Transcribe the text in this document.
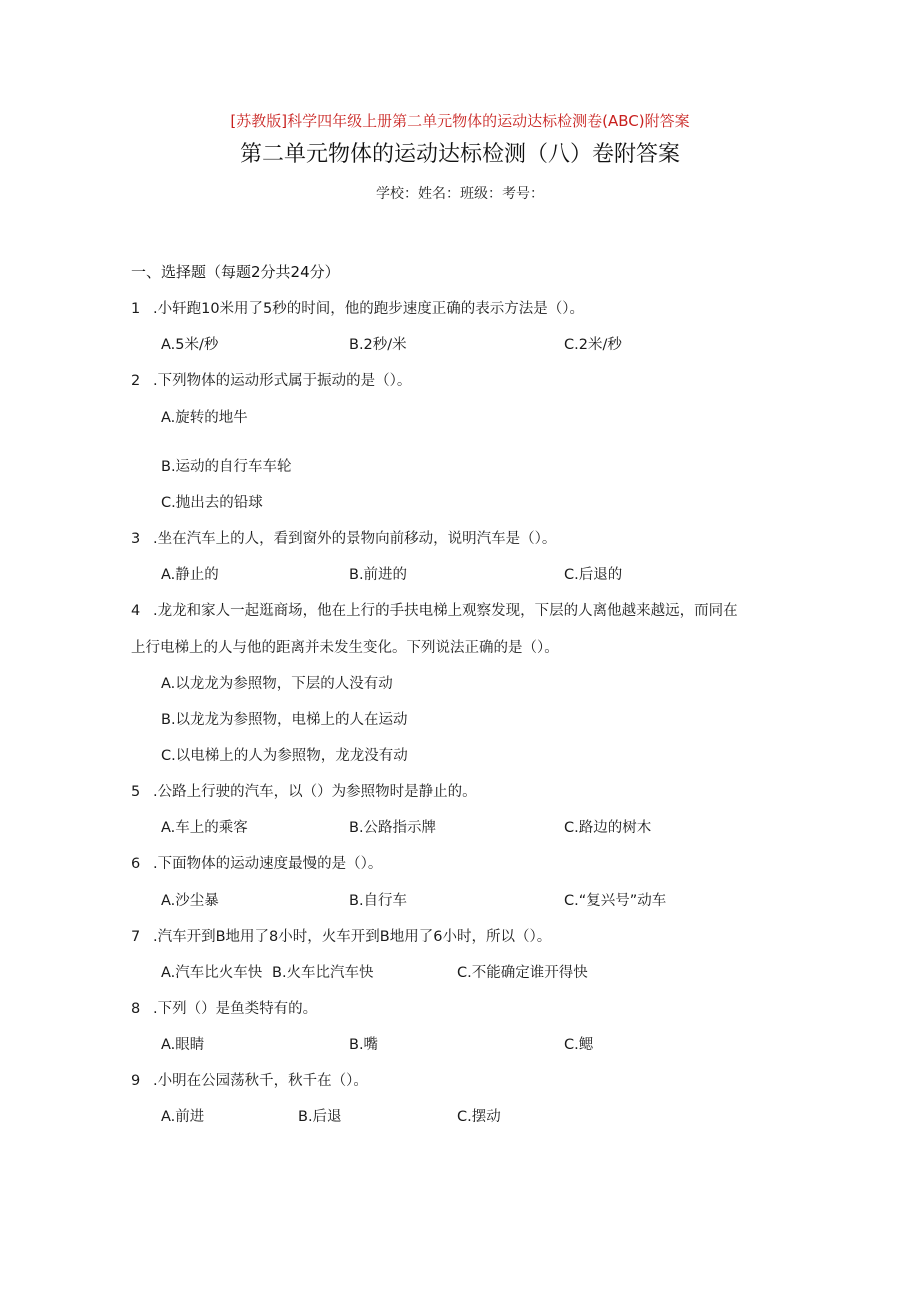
[苏教版]科学四年级上册第二单元物体的运动达标检测卷(ABC)附答案
第二单元物体的运动达标检测（八）卷附答案
学校：姓名：班级：考号：
一、选择题（每题2分共24分）
1 .小轩跑10米用了5秒的时间，他的跑步速度正确的表示方法是（）。
A.5米/秒	B.2秒/米	C.2米/秒
2 .下列物体的运动形式属于振动的是（）。
A.旋转的地牛
B.运动的自行车车轮
C.抛出去的铅球
3 .坐在汽车上的人，看到窗外的景物向前移动，说明汽车是（）。
A.静止的	B.前进的	C.后退的
4 .龙龙和家人一起逛商场，他在上行的手扶电梯上观察发现，下层的人离他越来越远，而同在
上行电梯上的人与他的距离并未发生变化。下列说法正确的是（）。
A.以龙龙为参照物，下层的人没有动
B.以龙龙为参照物，电梯上的人在运动
C.以电梯上的人为参照物，龙龙没有动
5 .公路上行驶的汽车，以（）为参照物时是静止的。
A.车上的乘客	B.公路指示牌	C.路边的树木
6 .下面物体的运动速度最慢的是（）。
A.沙尘暴	B.自行车	C.“复兴号”动车
7 .汽车开到B地用了8小时，火车开到B地用了6小时，所以（）。
A.汽车比火车快 B.火车比汽车快	C.不能确定谁开得快
8 .下列（）是鱼类特有的。
A.眼睛	B.嘴	C.鳃
9 .小明在公园荡秋千，秋千在（）。
A.前进	B.后退	C.摆动
